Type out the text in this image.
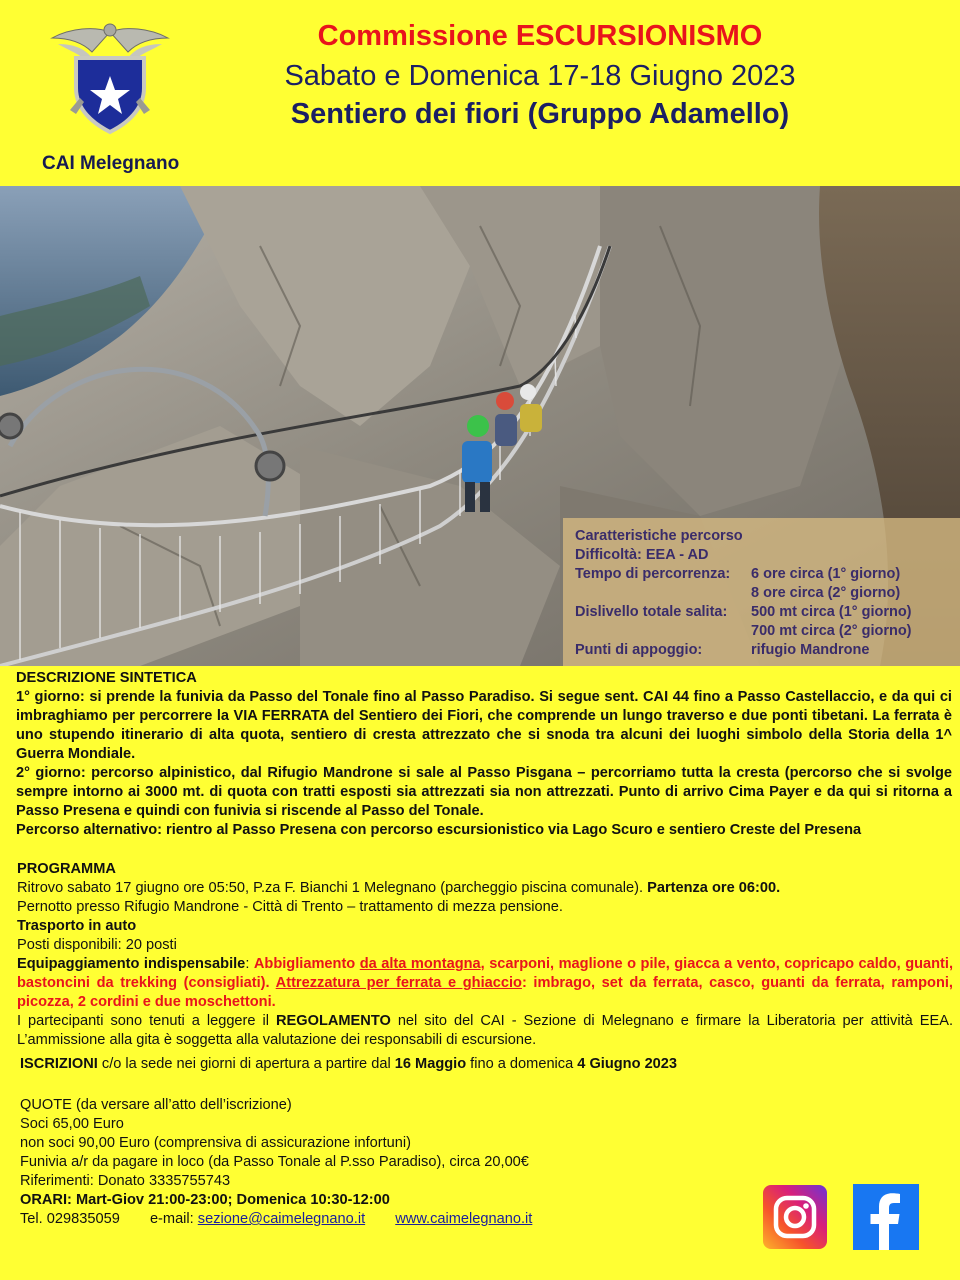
CAI Melegnano
Commissione ESCURSIONISMO
Sabato e Domenica 17-18 Giugno 2023
Sentiero dei fiori (Gruppo Adamello)
Caratteristiche percorso
Difficoltà: EEA - AD
Tempo di percorrenza:	6 ore circa (1° giorno)
8 ore circa (2° giorno)
Dislivello totale salita:	500 mt circa (1° giorno)
700 mt circa (2° giorno)
Punti di appoggio:	rifugio Mandrone
DESCRIZIONE SINTETICA
1° giorno: si prende la funivia da Passo del Tonale fino al Passo Paradiso. Si segue sent. CAI 44 fino a Passo Castellaccio, e da qui ci imbraghiamo per percorrere la VIA FERRATA del Sentiero dei Fiori, che comprende un lungo traverso e due ponti tibetani. La ferrata è uno stupendo itinerario di alta quota, sentiero di cresta attrezzato che si snoda tra alcuni dei luoghi simbolo della Storia della 1^ Guerra Mondiale.
2° giorno: percorso alpinistico, dal Rifugio Mandrone si sale al Passo Pisgana – percorriamo tutta la cresta (percorso che si svolge sempre intorno ai 3000 mt. di quota con tratti esposti sia attrezzati sia non attrezzati. Punto di arrivo Cima Payer e da qui si ritorna a Passo Presena e quindi con funivia si riscende al Passo del Tonale.
Percorso alternativo: rientro al Passo Presena con percorso escursionistico via Lago Scuro e sentiero Creste del Presena
PROGRAMMA
Ritrovo sabato 17 giugno ore 05:50, P.za F. Bianchi 1 Melegnano (parcheggio piscina comunale). Partenza ore 06:00.
Pernotto presso Rifugio Mandrone - Città di Trento – trattamento di mezza pensione.
Trasporto in auto
Posti disponibili: 20 posti
Equipaggiamento indispensabile: Abbigliamento da alta montagna, scarponi, maglione o pile, giacca a vento, copricapo caldo, guanti, bastoncini da trekking (consigliati). Attrezzatura per ferrata e ghiaccio: imbrago, set da ferrata, casco, guanti da ferrata, ramponi, picozza, 2 cordini e due moschettoni.
I partecipanti sono tenuti a leggere il REGOLAMENTO nel sito del CAI - Sezione di Melegnano e firmare la Liberatoria per attività EEA. L’ammissione alla gita è soggetta alla valutazione dei responsabili di escursione.
ISCRIZIONI c/o la sede nei giorni di apertura a partire dal 16 Maggio fino a domenica 4 Giugno 2023
QUOTE (da versare all’atto dell’iscrizione)
Soci 65,00 Euro
non soci 90,00 Euro (comprensiva di assicurazione infortuni)
Funivia a/r da pagare in loco (da Passo Tonale al P.sso Paradiso), circa 20,00€
Riferimenti: Donato 3335755743
ORARI: Mart-Giov 21:00-23:00; Domenica 10:30-12:00
Tel. 029835059 e-mail: sezione@caimelegnano.it www.caimelegnano.it
